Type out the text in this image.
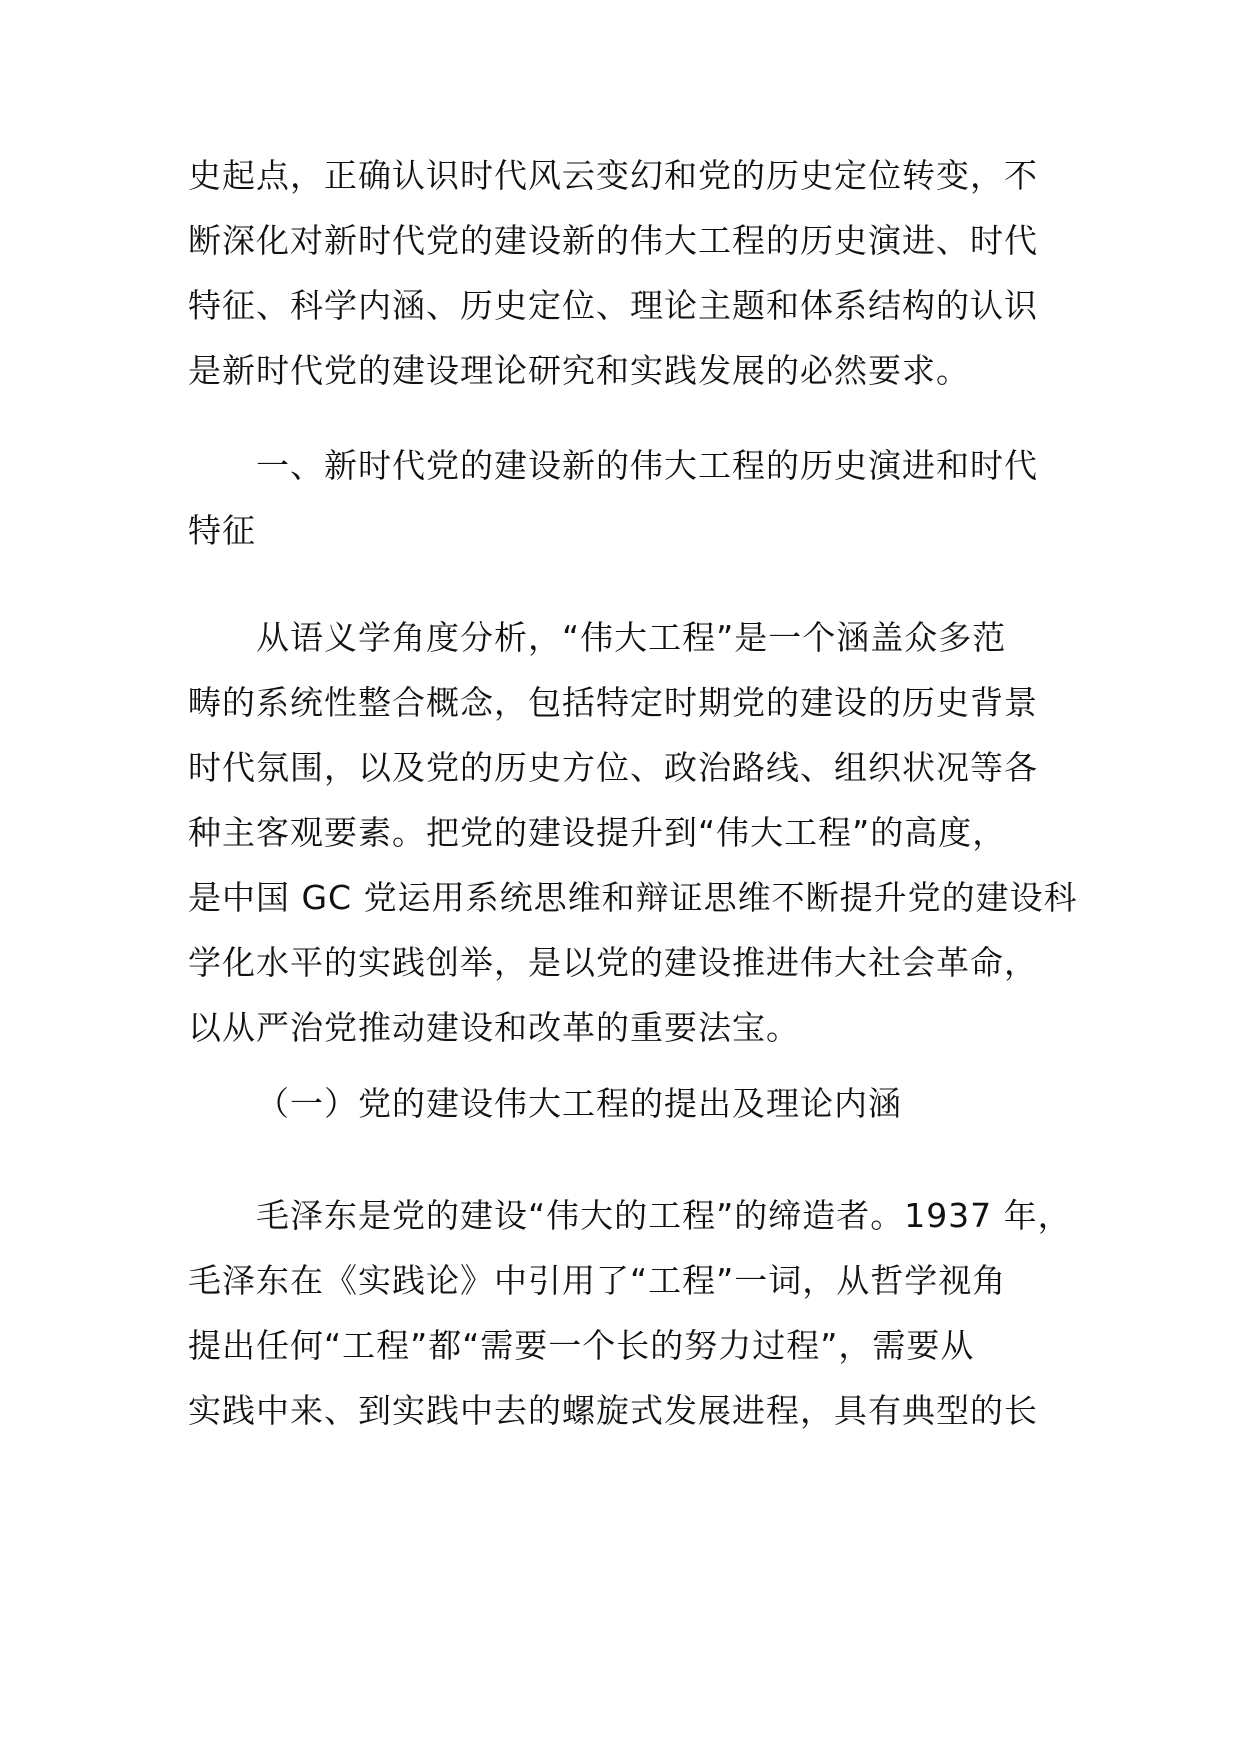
史起点，正确认识时代风云变幻和党的历史定位转变，不
断深化对新时代党的建设新的伟大工程的历史演进、时代
特征、科学内涵、历史定位、理论主题和体系结构的认识
是新时代党的建设理论研究和实践发展的必然要求。
一、新时代党的建设新的伟大工程的历史演进和时代
特征
从语义学角度分析，“伟大工程”是一个涵盖众多范
畴的系统性整合概念，包括特定时期党的建设的历史背景
时代氛围，以及党的历史方位、政治路线、组织状况等各
种主客观要素。把党的建设提升到“伟大工程”的高度，
是中国 GC 党运用系统思维和辩证思维不断提升党的建设科
学化水平的实践创举，是以党的建设推进伟大社会革命，
以从严治党推动建设和改革的重要法宝。
（一）党的建设伟大工程的提出及理论内涵
毛泽东是党的建设“伟大的工程”的缔造者。1937 年，
毛泽东在《实践论》中引用了“工程”一词，从哲学视角
提出任何“工程”都“需要一个长的努力过程”，需要从
实践中来、到实践中去的螺旋式发展进程，具有典型的长
